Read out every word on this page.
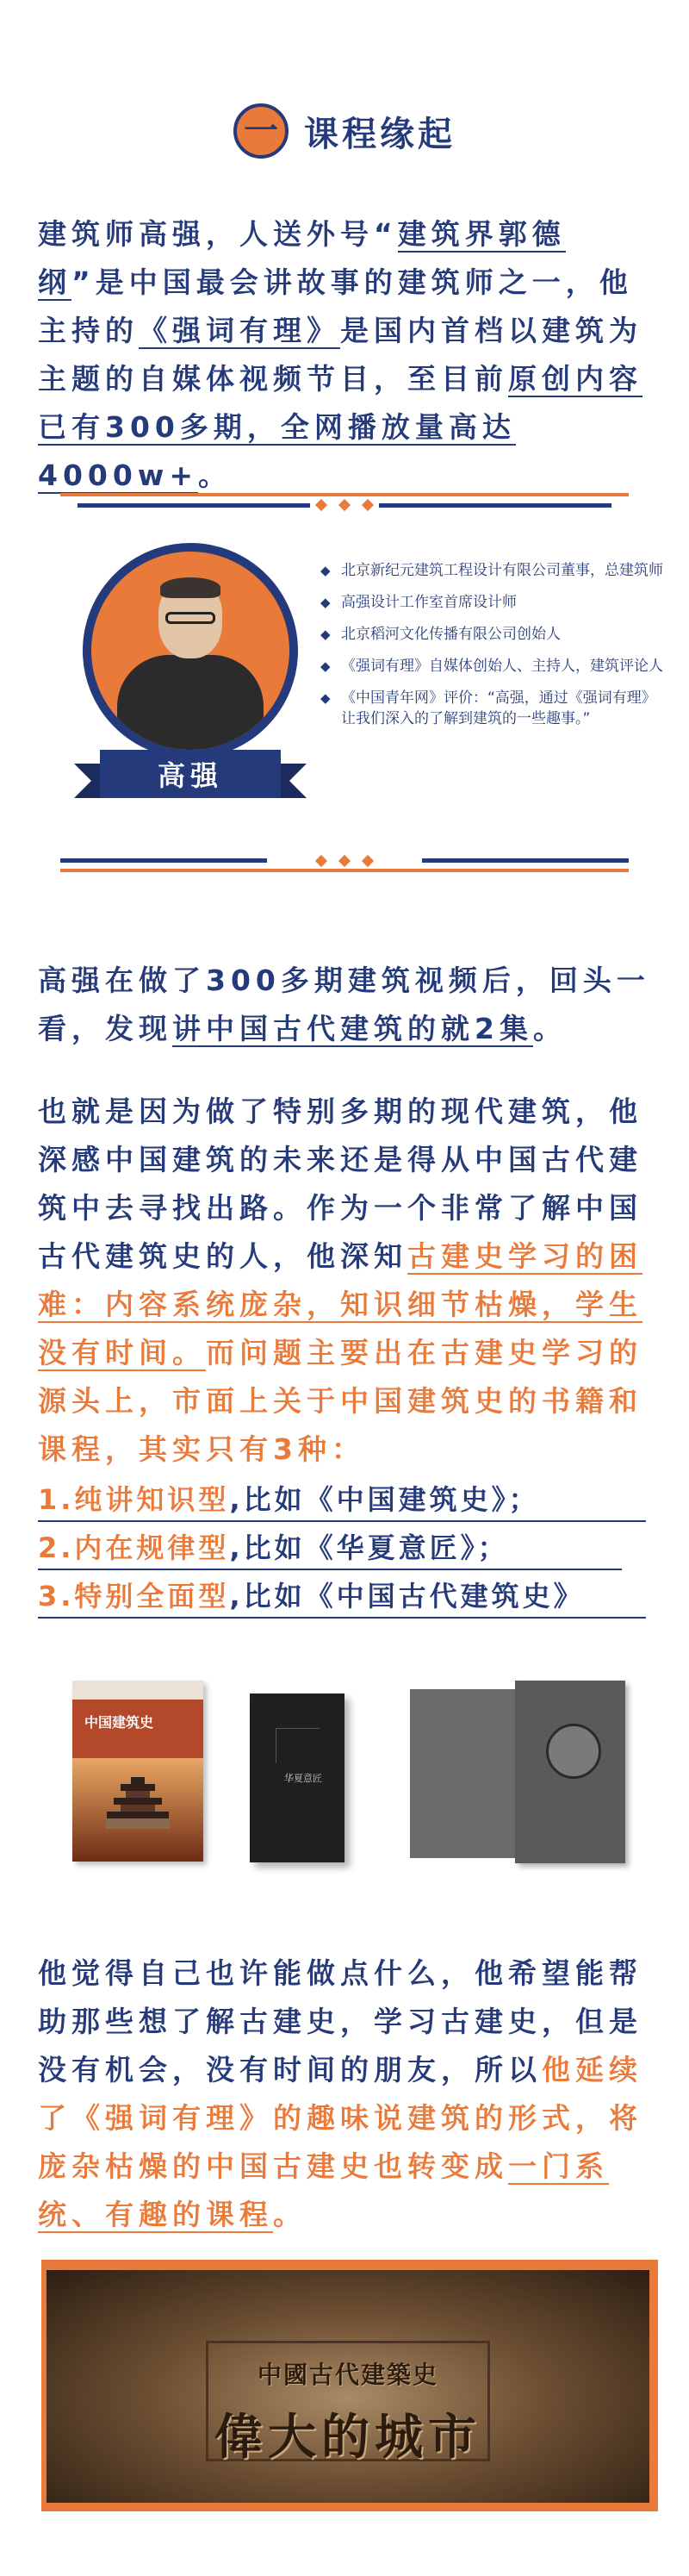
一 课程缘起
建筑师高强，人送外号“建筑界郭德纲”是中国最会讲故事的建筑师之一，他主持的《强词有理》是国内首档以建筑为主题的自媒体视频节目，至目前原创内容已有300多期，全网播放量高达4000w+。
高强
◆ 北京新纪元建筑工程设计有限公司董事，总建筑师
◆ 高强设计工作室首席设计师
◆ 北京稻河文化传播有限公司创始人
◆ 《强词有理》自媒体创始人、主持人，建筑评论人
◆ 《中国青年网》评价：“高强，通过《强词有理》让我们深入的了解到建筑的一些趣事。”
高强在做了300多期建筑视频后，回头一看，发现讲中国古代建筑的就2集。
也就是因为做了特别多期的现代建筑，他深感中国建筑的未来还是得从中国古代建筑中去寻找出路。作为一个非常了解中国古代建筑史的人，他深知古建史学习的困难：内容系统庞杂，知识细节枯燥，学生没有时间。而问题主要出在古建史学习的源头上，市面上关于中国建筑史的书籍和课程，其实只有3种：
1.纯讲知识型,比如《中国建筑史》；
2.内在规律型,比如《华夏意匠》；
3.特别全面型,比如《中国古代建筑史》
中国建筑史
华夏意匠
他觉得自己也许能做点什么，他希望能帮助那些想了解古建史，学习古建史，但是没有机会，没有时间的朋友，所以他延续了《强词有理》的趣味说建筑的形式，将庞杂枯燥的中国古建史也转变成一门系统、有趣的课程。
中國古代建築史
偉大的城市
